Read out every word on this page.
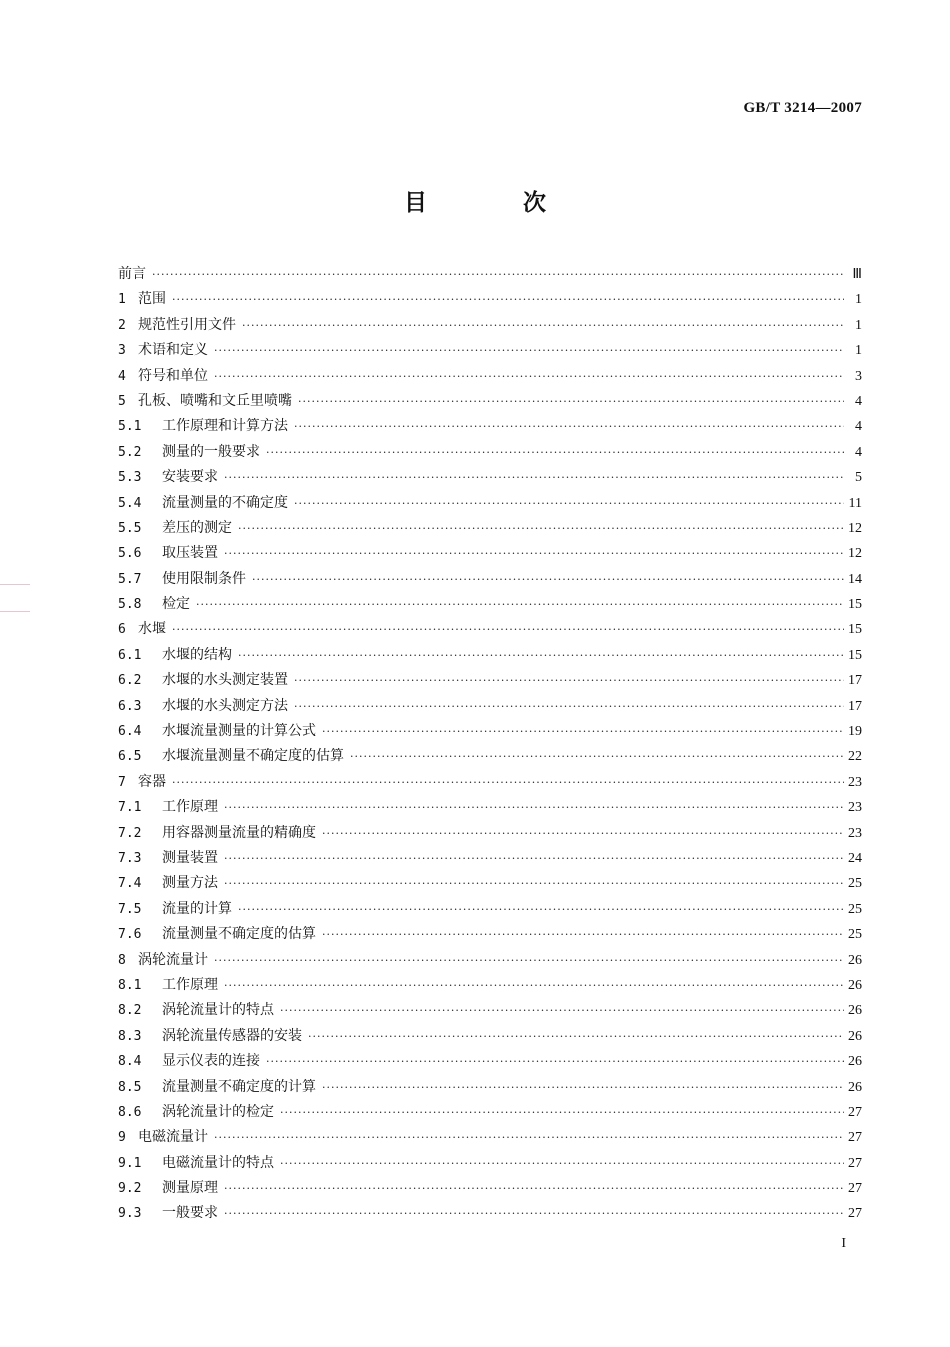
GB/T 3214—2007
目 次
前言 ·····	Ⅲ
1 范围 ·····	1
2 规范性引用文件 ·····	1
3 术语和定义 ·····	1
4 符号和单位 ·····	3
5 孔板、喷嘴和文丘里喷嘴 ·····	4
5.1	工作原理和计算方法 ·····	4
5.2	测量的一般要求 ·····	4
5.3	安装要求 ·····	5
5.4	流量测量的不确定度 ·····	11
5.5	差压的测定 ·····	12
5.6	取压装置 ·····	12
5.7	使用限制条件 ·····	14
5.8	检定 ·····	15
6 水堰 ·····	15
6.1	水堰的结构 ·····	15
6.2	水堰的水头测定装置 ·····	17
6.3	水堰的水头测定方法 ·····	17
6.4	水堰流量测量的计算公式 ·····	19
6.5	水堰流量测量不确定度的估算 ·····	22
7 容器 ·····	23
7.1	工作原理 ·····	23
7.2	用容器测量流量的精确度 ·····	23
7.3	测量装置 ·····	24
7.4	测量方法 ·····	25
7.5	流量的计算 ·····	25
7.6	流量测量不确定度的估算 ·····	25
8 涡轮流量计 ·····	26
8.1	工作原理 ·····	26
8.2	涡轮流量计的特点 ·····	26
8.3	涡轮流量传感器的安装 ·····	26
8.4	显示仪表的连接 ·····	26
8.5	流量测量不确定度的计算 ·····	26
8.6	涡轮流量计的检定 ·····	27
9 电磁流量计 ·····	27
9.1	电磁流量计的特点 ·····	27
9.2	测量原理 ·····	27
9.3	一般要求 ·····	27
I
